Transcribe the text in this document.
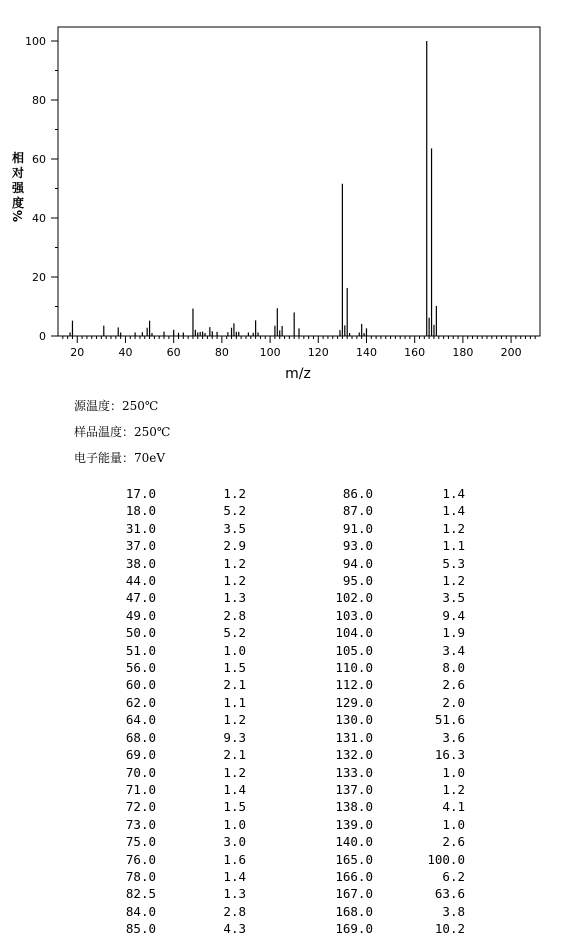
20	40	60	80	100 120 140 160 180 200
0
20
40
60
80
100
m/z
相
对
强
度
%
源温度：250℃
样品温度：250℃
电子能量：70eV
17.0	1.2	86.0	1.4
18.0	5.2	87.0	1.4
31.0	3.5	91.0	1.2
37.0	2.9	93.0	1.1
38.0	1.2	94.0	5.3
44.0	1.2	95.0	1.2
47.0	1.3	102.0	3.5
49.0	2.8	103.0	9.4
50.0	5.2	104.0	1.9
51.0	1.0	105.0	3.4
56.0	1.5	110.0	8.0
60.0	2.1	112.0	2.6
62.0	1.1	129.0	2.0
64.0	1.2	130.0	51.6
68.0	9.3	131.0	3.6
69.0	2.1	132.0	16.3
70.0	1.2	133.0	1.0
71.0	1.4	137.0	1.2
72.0	1.5	138.0	4.1
73.0	1.0	139.0	1.0
75.0	3.0	140.0	2.6
76.0	1.6	165.0	100.0
78.0	1.4	166.0	6.2
82.5	1.3	167.0	63.6
84.0	2.8	168.0	3.8
85.0	4.3	169.0	10.2
